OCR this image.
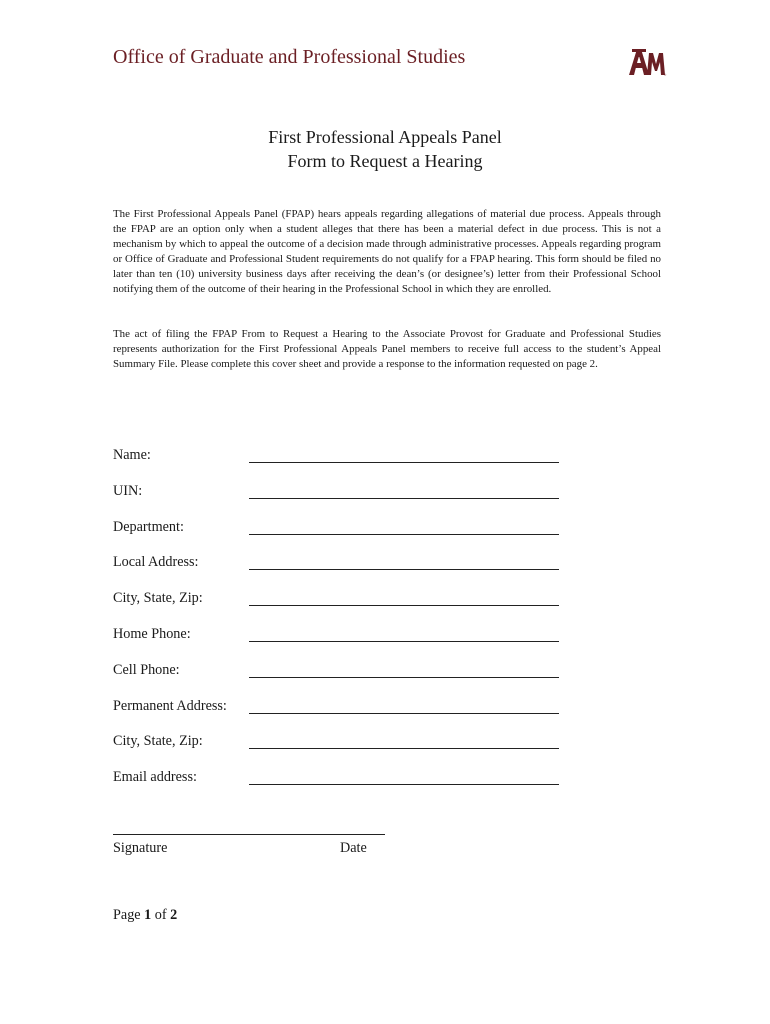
Office of Graduate and Professional Studies
®
First Professional Appeals Panel
Form to Request a Hearing
The First Professional Appeals Panel (FPAP) hears appeals regarding allegations of material due process. Appeals through the FPAP are an option only when a student alleges that there has been a material defect in due process. This is not a mechanism by which to appeal the outcome of a decision made through administrative processes. Appeals regarding program or Office of Graduate and Professional Student requirements do not qualify for a FPAP hearing. This form should be filed no later than ten (10) university business days after receiving the dean’s (or designee’s) letter from their Professional School notifying them of the outcome of their hearing in the Professional School in which they are enrolled.
The act of filing the FPAP From to Request a Hearing to the Associate Provost for Graduate and Professional Studies represents authorization for the First Professional Appeals Panel members to receive full access to the student’s Appeal Summary File. Please complete this cover sheet and provide a response to the information requested on page 2.
Name:
UIN:
Department:
Local Address:
City, State, Zip:
Home Phone:
Cell Phone:
Permanent Address:
City, State, Zip:
Email address:
Signature	Date
Page 1 of 2
